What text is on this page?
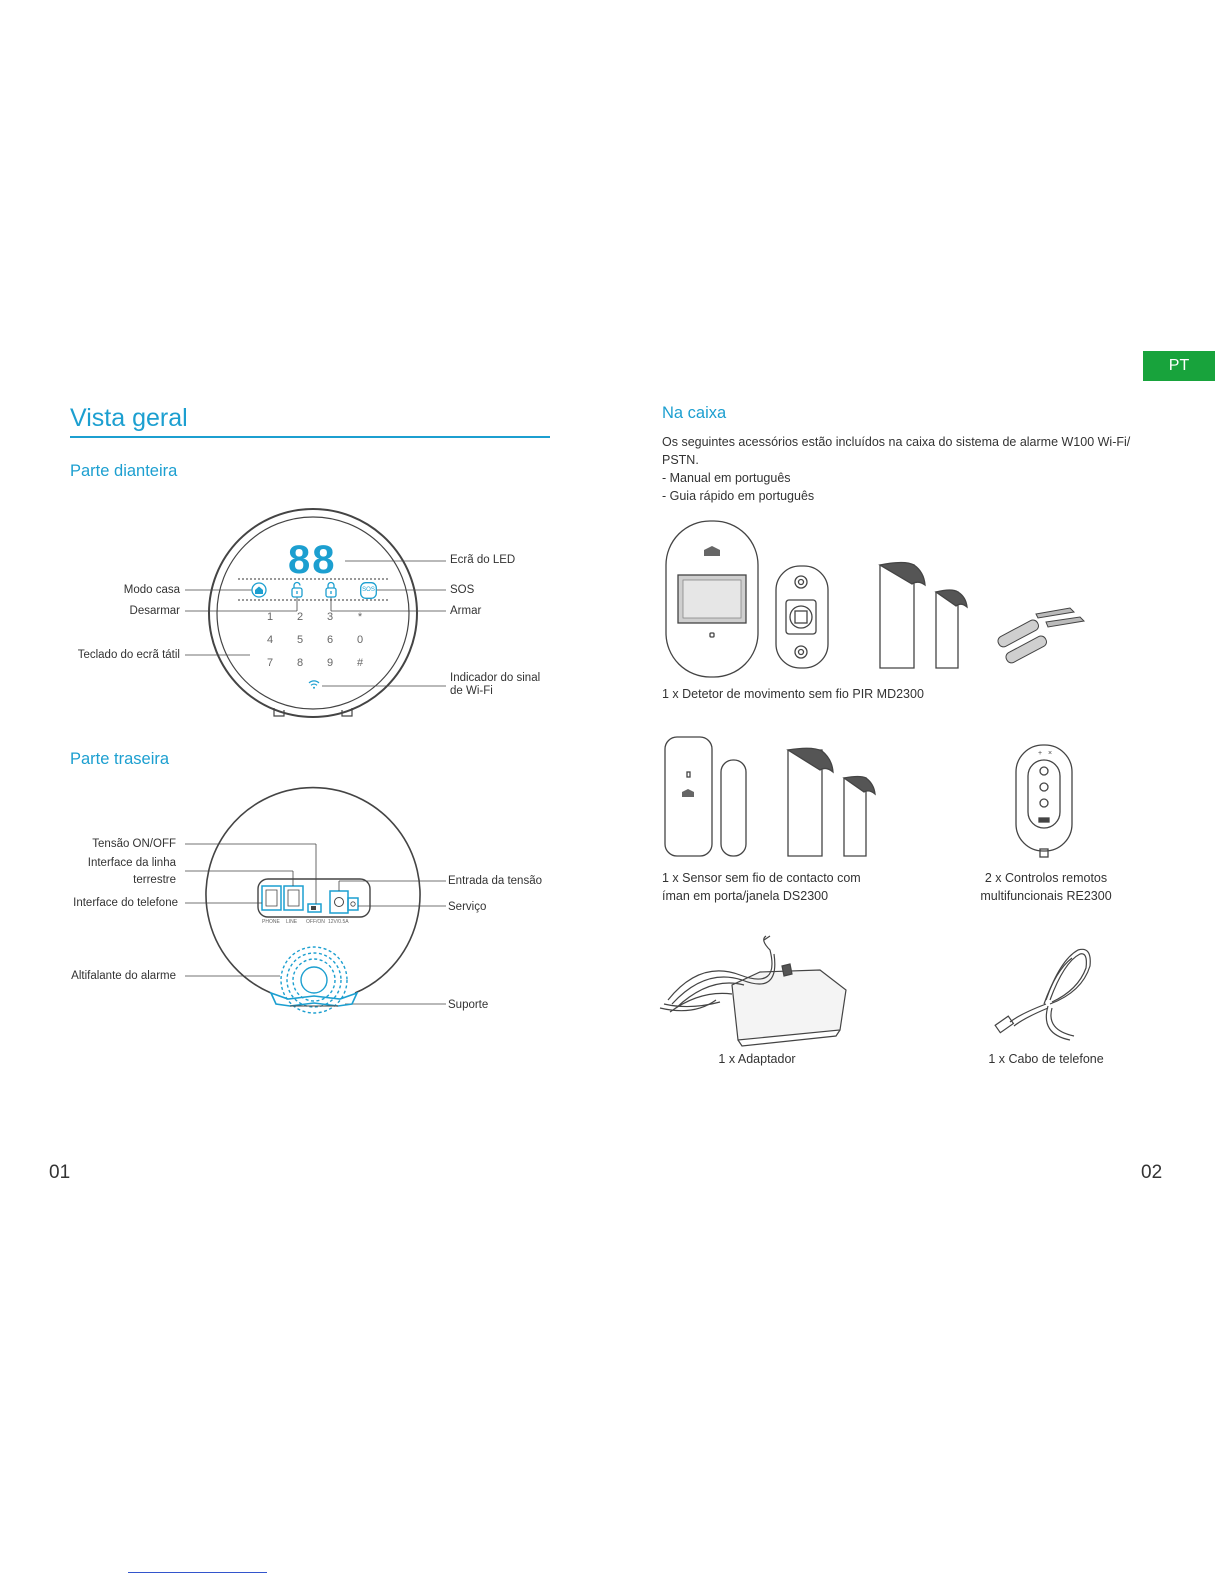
PT
Vista geral
Parte dianteira
88
SOS
1	2	3	*
4	5	6	0
7	8	9	#
Modo casa
Desarmar
Teclado do ecrã tátil
Ecrã do LED
SOS
Armar
Indicador do sinal
de Wi-Fi
Parte traseira
PHONE LINE OFF/ON 12V/0.5A
Tensão ON/OFF
Interface da linha
terrestre
Interface do telefone
Altifalante do alarme
Entrada da tensão
Serviço
Suporte
01
Na caixa
Os seguintes acessórios estão incluídos na caixa do sistema de alarme W100 Wi-Fi/
PSTN.
- Manual em português
- Guia rápido em português
1 x Detetor de movimento sem fio PIR MD2300
1 x Sensor sem fio de contacto com
íman em porta/janela DS2300
+ ×
2 x Controlos remotos
multifuncionais RE2300
1 x Adaptador	1 x Cabo de telefone
02
